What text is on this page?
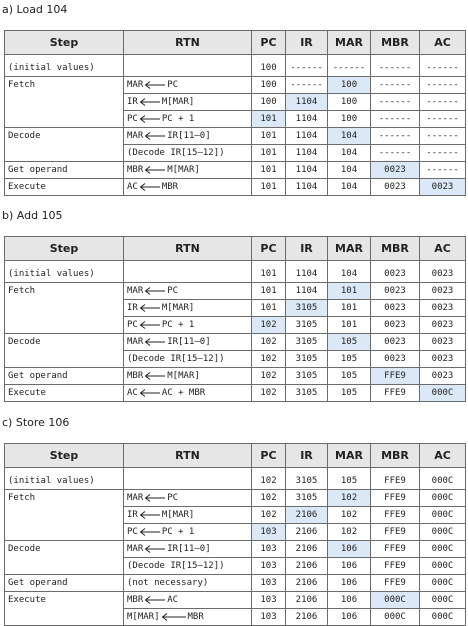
a) Load 104
Step	RTN	PC	IR	MAR	MBR	AC

(initial values)		100	------	------	------	------
Fetch	MAR PC	100	------	100	------	------
	IR M[MAR]	100	1104	100	------	------
	PC PC + 1	101	1104	100	------	------
Decode	MAR IR[11–0]	101	1104	104	------	------
	(Decode IR[15–12])	101	1104	104	------	------
Get operand	MBR M[MAR]	101	1104	104	0023	------
Execute	AC MBR	101	1104	104	0023	0023
b) Add 105
Step	RTN	PC	IR	MAR	MBR	AC

(initial values)		101	1104	104	0023	0023
Fetch	MAR PC	101	1104	101	0023	0023
	IR M[MAR]	101	3105	101	0023	0023
	PC PC + 1	102	3105	101	0023	0023
Decode	MAR IR[11–0]	102	3105	105	0023	0023
	(Decode IR[15–12])	102	3105	105	0023	0023
Get operand	MBR M[MAR]	102	3105	105	FFE9	0023
Execute	AC AC + MBR	102	3105	105	FFE9	000C
c) Store 106
Step	RTN	PC	IR	MAR	MBR	AC

(initial values)		102	3105	105	FFE9	000C
Fetch	MAR PC	102	3105	102	FFE9	000C
	IR M[MAR]	102	2106	102	FFE9	000C
	PC PC + 1	103	2106	102	FFE9	000C
Decode	MAR IR[11–0]	103	2106	106	FFE9	000C
	(Decode IR[15–12])	103	2106	106	FFE9	000C
Get operand	(not necessary)	103	2106	106	FFE9	000C
Execute	MBR AC	103	2106	106	000C	000C
	M[MAR] MBR	103	2106	106	000C	000C
